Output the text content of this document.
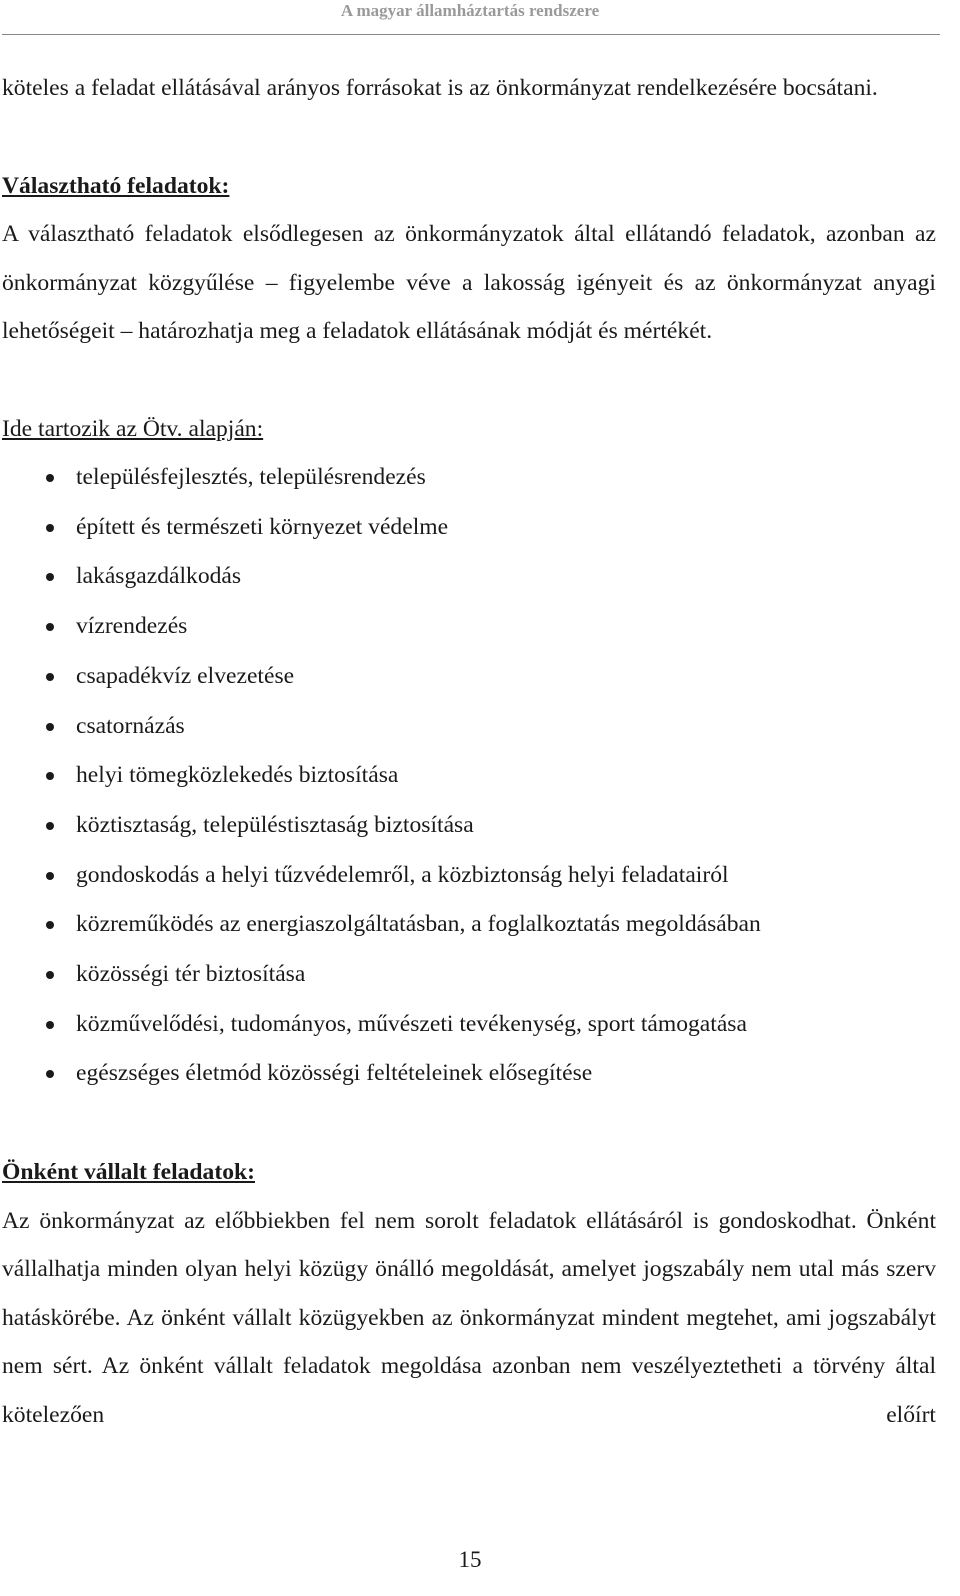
A magyar államháztartás rendszere

köteles a feladat ellátásával arányos forrásokat is az önkormányzat rendelkezésére bocsátani.

Választható feladatok:

A választható feladatok elsődlegesen az önkormányzatok által ellátandó feladatok, azonban az önkormányzat közgyűlése – figyelembe véve a lakosság igényeit és az önkormányzat anyagi lehetőségeit – határozhatja meg a feladatok ellátásának módját és mértékét.

Ide tartozik az Ötv. alapján:

településfejlesztés, településrendezés
épített és természeti környezet védelme
lakásgazdálkodás
vízrendezés
csapadékvíz elvezetése
csatornázás
helyi tömegközlekedés biztosítása
köztisztaság, településtisztaság biztosítása
gondoskodás a helyi tűzvédelemről, a közbiztonság helyi feladatairól
közreműködés az energiaszolgáltatásban, a foglalkoztatás megoldásában
közösségi tér biztosítása
közművelődési, tudományos, művészeti tevékenység, sport támogatása
egészséges életmód közösségi feltételeinek elősegítése

Önként vállalt feladatok:

Az önkormányzat az előbbiekben fel nem sorolt feladatok ellátásáról is gondoskodhat. Önként vállalhatja minden olyan helyi közügy önálló megoldását, amelyet jogszabály nem utal más szerv hatáskörébe. Az önként vállalt közügyekben az önkormányzat mindent megtehet, ami jogszabályt nem sért. Az önként vállalt feladatok megoldása azonban nem veszélyeztetheti a törvény által kötelezően előírt

15
